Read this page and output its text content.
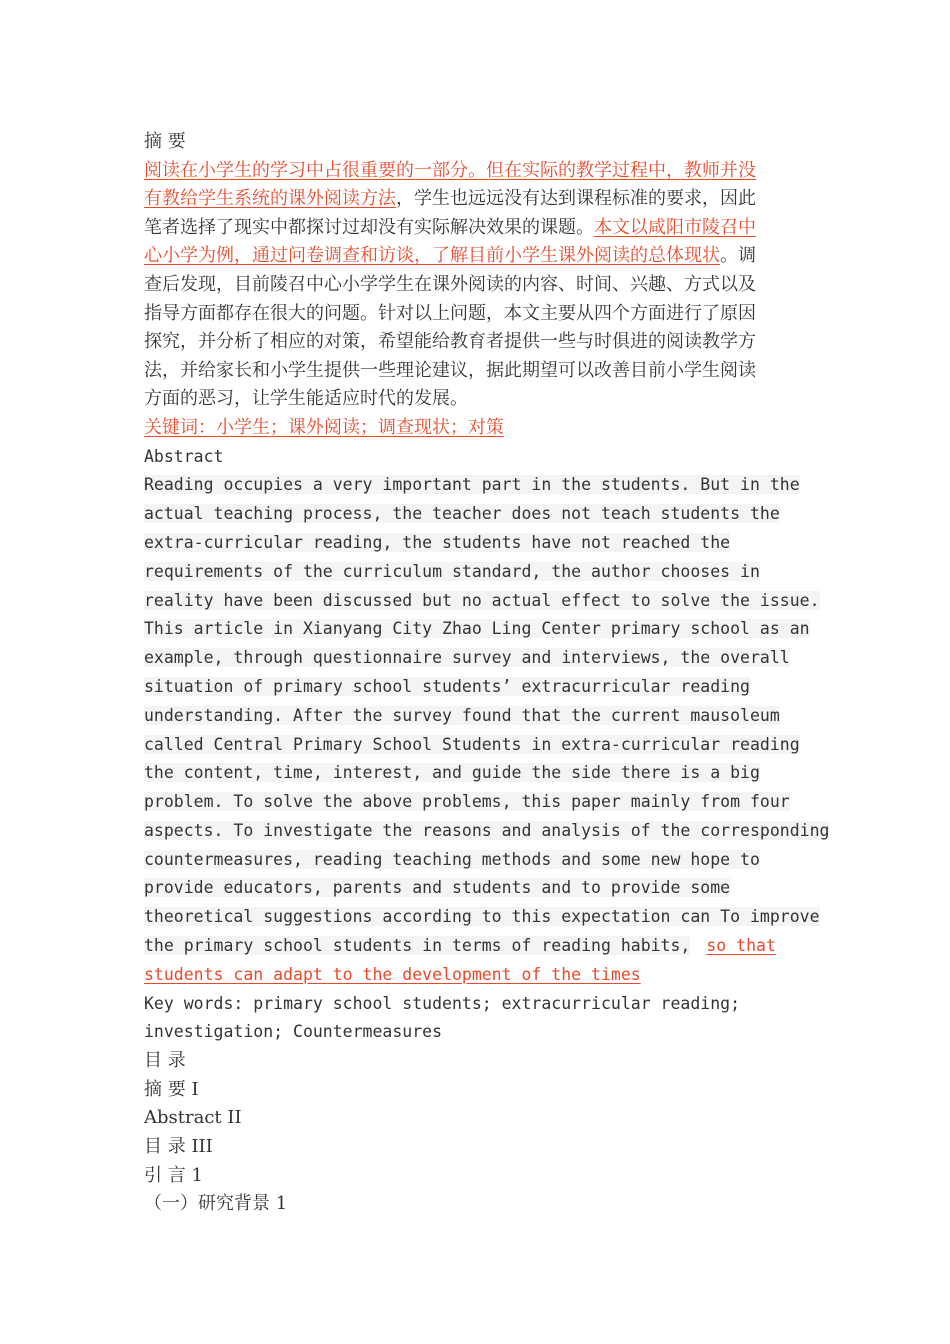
摘 要

阅读在小学生的学习中占很重要的一部分。但在实际的教学过程中，教师并没

有教给学生系统的课外阅读方法，学生也远远没有达到课程标准的要求，因此

笔者选择了现实中都探讨过却没有实际解决效果的课题。本文以咸阳市陵召中

心小学为例，通过问卷调查和访谈，了解目前小学生课外阅读的总体现状。调

查后发现，目前陵召中心小学学生在课外阅读的内容、时间、兴趣、方式以及

指导方面都存在很大的问题。针对以上问题，本文主要从四个方面进行了原因

探究，并分析了相应的对策，希望能给教育者提供一些与时俱进的阅读教学方

法，并给家长和小学生提供一些理论建议，据此期望可以改善目前小学生阅读

方面的恶习，让学生能适应时代的发展。

关键词：小学生；课外阅读；调查现状；对策

Abstract

Reading occupies a very important part in the students. But in the

actual teaching process, the teacher does not teach students the

extra-curricular reading, the students have not reached the

requirements of the curriculum standard, the author chooses in

reality have been discussed but no actual effect to solve the issue.

This article in Xianyang City Zhao Ling Center primary school as an

example, through questionnaire survey and interviews, the overall

situation of primary school students’ extracurricular reading

understanding. After the survey found that the current mausoleum

called Central Primary School Students in extra-curricular reading

the content, time, interest, and guide the side there is a big

problem. To solve the above problems, this paper mainly from four

aspects. To investigate the reasons and analysis of the corresponding

countermeasures, reading teaching methods and some new hope to

provide educators, parents and students and to provide some

theoretical suggestions according to this expectation can To improve

the primary school students in terms of reading habits, so that

students can adapt to the development of the times

Key words: primary school students; extracurricular reading;

investigation; Countermeasures

目 录

摘 要 I

Abstract II

目 录 III

引 言 1

（一）研究背景 1
